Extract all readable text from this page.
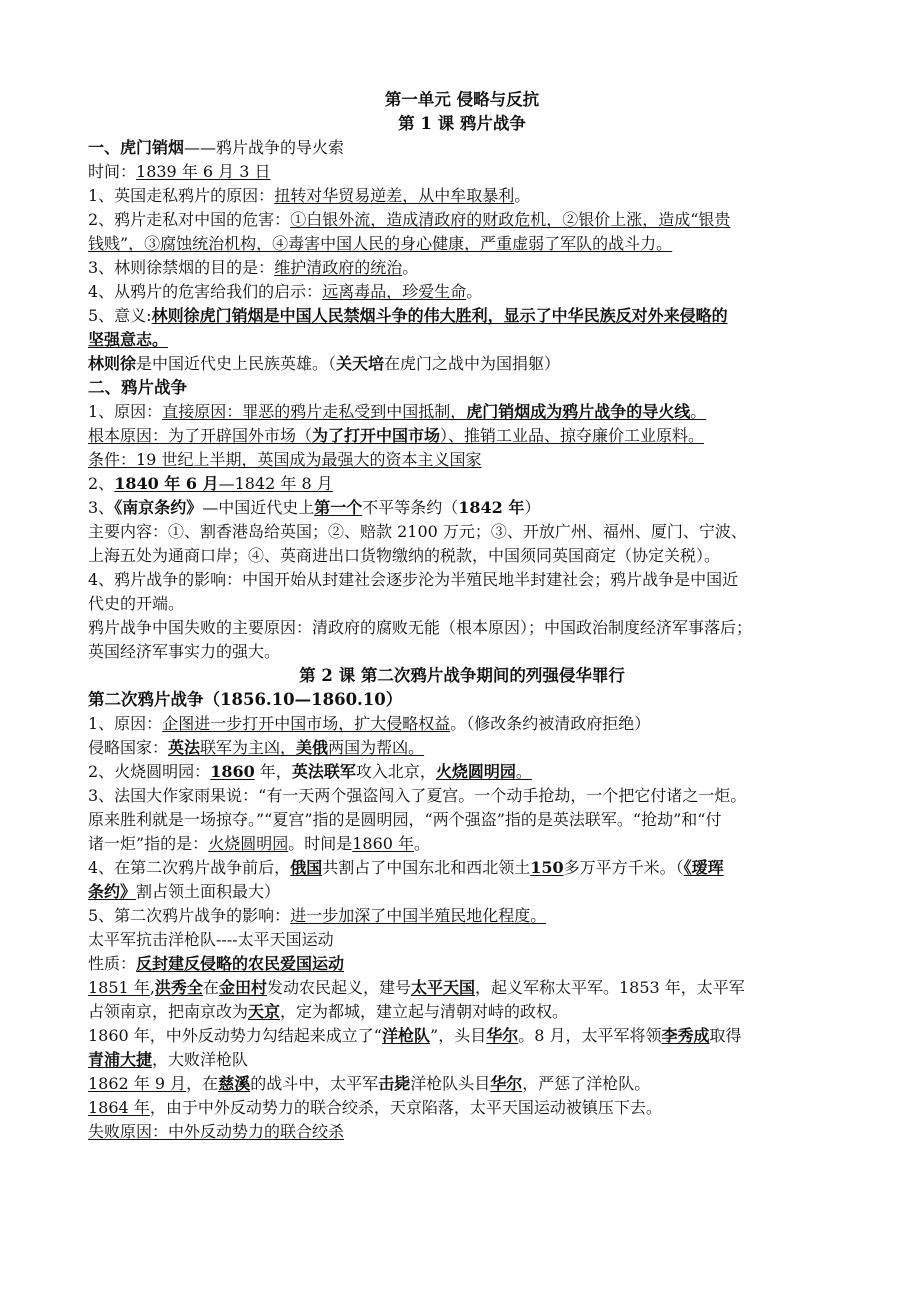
第一单元 侵略与反抗
第 1 课 鸦片战争

一、虎门销烟——鸦片战争的导火索

时间：1839 年 6 月 3 日

1、英国走私鸦片的原因：扭转对华贸易逆差，从中牟取暴利。

2、鸦片走私对中国的危害：①白银外流，造成清政府的财政危机，②银价上涨，造成“银贵

钱贱”，③腐蚀统治机构，④毒害中国人民的身心健康，严重虚弱了军队的战斗力。

3、林则徐禁烟的目的是：维护清政府的统治。

4、从鸦片的危害给我们的启示：远离毒品，珍爱生命。

5、意义:林则徐虎门销烟是中国人民禁烟斗争的伟大胜利，显示了中华民族反对外来侵略的

坚强意志。

林则徐是中国近代史上民族英雄。（关天培在虎门之战中为国捐躯）

二、鸦片战争

1、原因：直接原因：罪恶的鸦片走私受到中国抵制，虎门销烟成为鸦片战争的导火线。

根本原因：为了开辟国外市场（为了打开中国市场）、推销工业品、掠夺廉价工业原料。

条件：19 世纪上半期，英国成为最强大的资本主义国家

2、1840 年 6 月—1842 年 8 月

3、《南京条约》—中国近代史上第一个不平等条约（1842 年）

主要内容：①、割香港岛给英国；②、赔款 2100 万元；③、开放广州、福州、厦门、宁波、

上海五处为通商口岸；④、英商进出口货物缴纳的税款，中国须同英国商定（协定关税）。

4、鸦片战争的影响：中国开始从封建社会逐步沦为半殖民地半封建社会；鸦片战争是中国近

代史的开端。

鸦片战争中国失败的主要原因：清政府的腐败无能（根本原因）；中国政治制度经济军事落后；

英国经济军事实力的强大。

第 2 课 第二次鸦片战争期间的列强侵华罪行

第二次鸦片战争（1856.10—1860.10）

1、原因：企图进一步打开中国市场，扩大侵略权益。（修改条约被清政府拒绝）

侵略国家：英法联军为主凶，美俄两国为帮凶。

2、火烧圆明园：1860 年，英法联军攻入北京，火烧圆明园。

3、法国大作家雨果说：“有一天两个强盗闯入了夏宫。一个动手抢劫，一个把它付诸之一炬。

原来胜利就是一场掠夺。”“夏宫”指的是圆明园，“两个强盗”指的是英法联军。“抢劫”和“付

诸一炬”指的是：火烧圆明园。时间是1860 年。

4、在第二次鸦片战争前后，俄国共割占了中国东北和西北领土150多万平方千米。（《瑷珲

条约》割占领土面积最大）

5、第二次鸦片战争的影响：进一步加深了中国半殖民地化程度。

太平军抗击洋枪队----太平天国运动

性质：反封建反侵略的农民爱国运动

1851 年,洪秀全在金田村发动农民起义，建号太平天国，起义军称太平军。1853 年，太平军

占领南京，把南京改为天京，定为都城，建立起与清朝对峙的政权。

1860 年，中外反动势力勾结起来成立了“洋枪队”，头目华尔。8 月，太平军将领李秀成取得

青浦大捷，大败洋枪队

1862 年 9 月，在慈溪的战斗中，太平军击毙洋枪队头目华尔，严惩了洋枪队。

1864 年，由于中外反动势力的联合绞杀，天京陷落，太平天国运动被镇压下去。

失败原因：中外反动势力的联合绞杀
